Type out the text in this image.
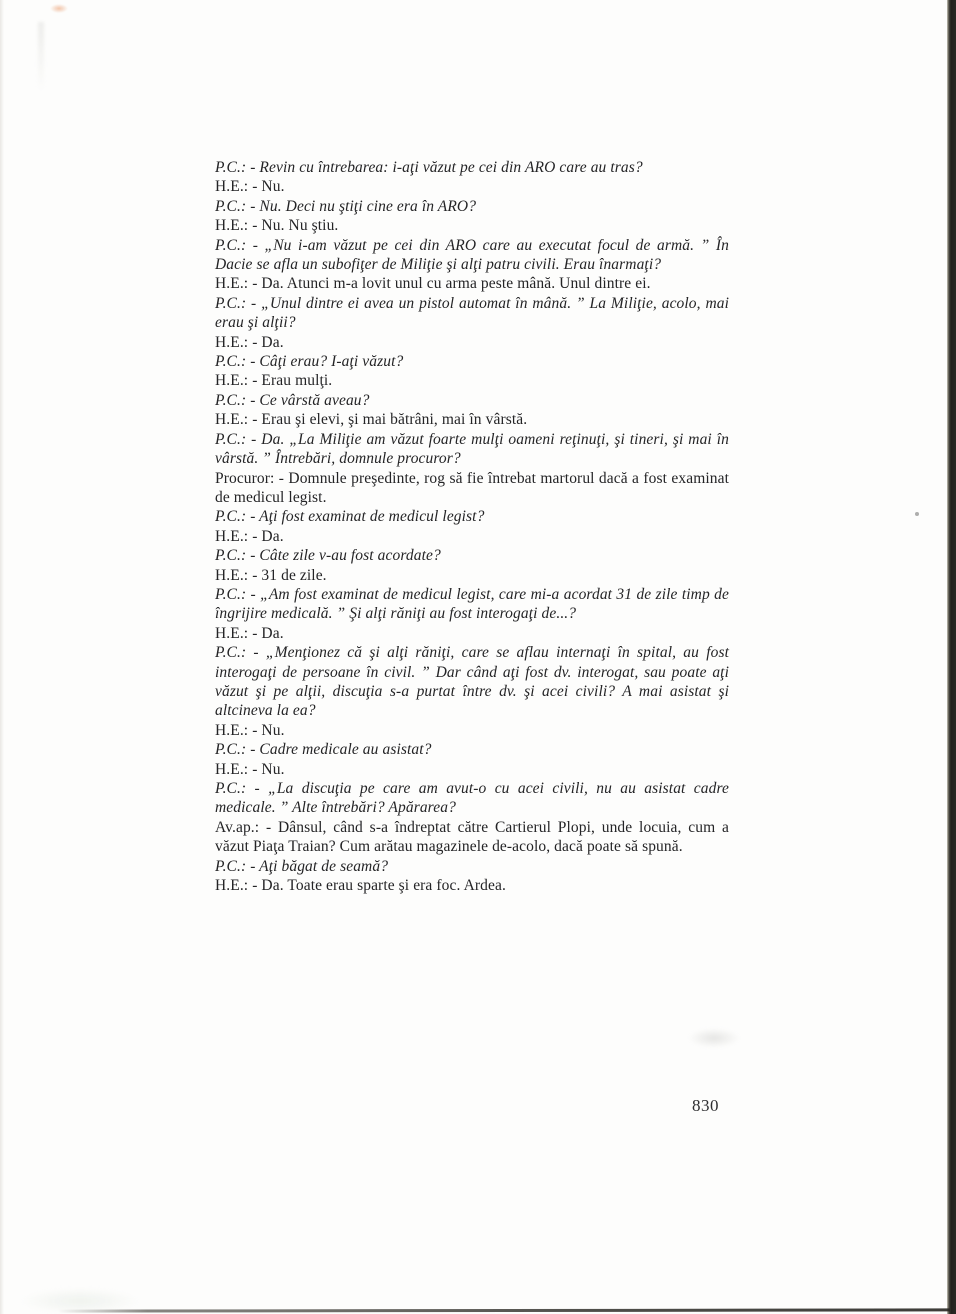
P.C.: - Revin cu întrebarea: i-aţi văzut pe cei din ARO care au tras?
H.E.: - Nu.
P.C.: - Nu. Deci nu ştiţi cine era în ARO?
H.E.: - Nu. Nu ştiu.
P.C.: - „Nu i-am văzut pe cei din ARO care au executat focul de armă. ” În Dacie se afla un subofiţer de Miliţie şi alţi patru civili. Erau înarmaţi?
H.E.: - Da. Atunci m-a lovit unul cu arma peste mână. Unul dintre ei.
P.C.: - „Unul dintre ei avea un pistol automat în mână. ” La Miliţie, acolo, mai erau şi alţii?
H.E.: - Da.
P.C.: - Câţi erau? I-aţi văzut?
H.E.: - Erau mulţi.
P.C.: - Ce vârstă aveau?
H.E.: - Erau şi elevi, şi mai bătrâni, mai în vârstă.
P.C.: - Da. „La Miliţie am văzut foarte mulţi oameni reţinuţi, şi tineri, şi mai în vârstă. ” Întrebări, domnule procuror?
Procuror: - Domnule preşedinte, rog să fie întrebat martorul dacă a fost examinat de medicul legist.
P.C.: - Aţi fost examinat de medicul legist?
H.E.: - Da.
P.C.: - Câte zile v-au fost acordate?
H.E.: - 31 de zile.
P.C.: - „Am fost examinat de medicul legist, care mi-a acordat 31 de zile timp de îngrijire medicală. ” Şi alţi răniţi au fost interogaţi de...?
H.E.: - Da.
P.C.: - „Menţionez că şi alţi răniţi, care se aflau internaţi în spital, au fost interogaţi de persoane în civil. ” Dar când aţi fost dv. interogat, sau poate aţi văzut şi pe alţii, discuţia s-a purtat între dv. şi acei civili? A mai asistat şi altcineva la ea?
H.E.: - Nu.
P.C.: - Cadre medicale au asistat?
H.E.: - Nu.
P.C.: - „La discuţia pe care am avut-o cu acei civili, nu au asistat cadre medicale. ” Alte întrebări? Apărarea?
Av.ap.: - Dânsul, când s-a îndreptat către Cartierul Plopi, unde locuia, cum a văzut Piaţa Traian? Cum arătau magazinele de-acolo, dacă poate să spună.
P.C.: - Aţi băgat de seamă?
H.E.: - Da. Toate erau sparte şi era foc. Ardea.
830
